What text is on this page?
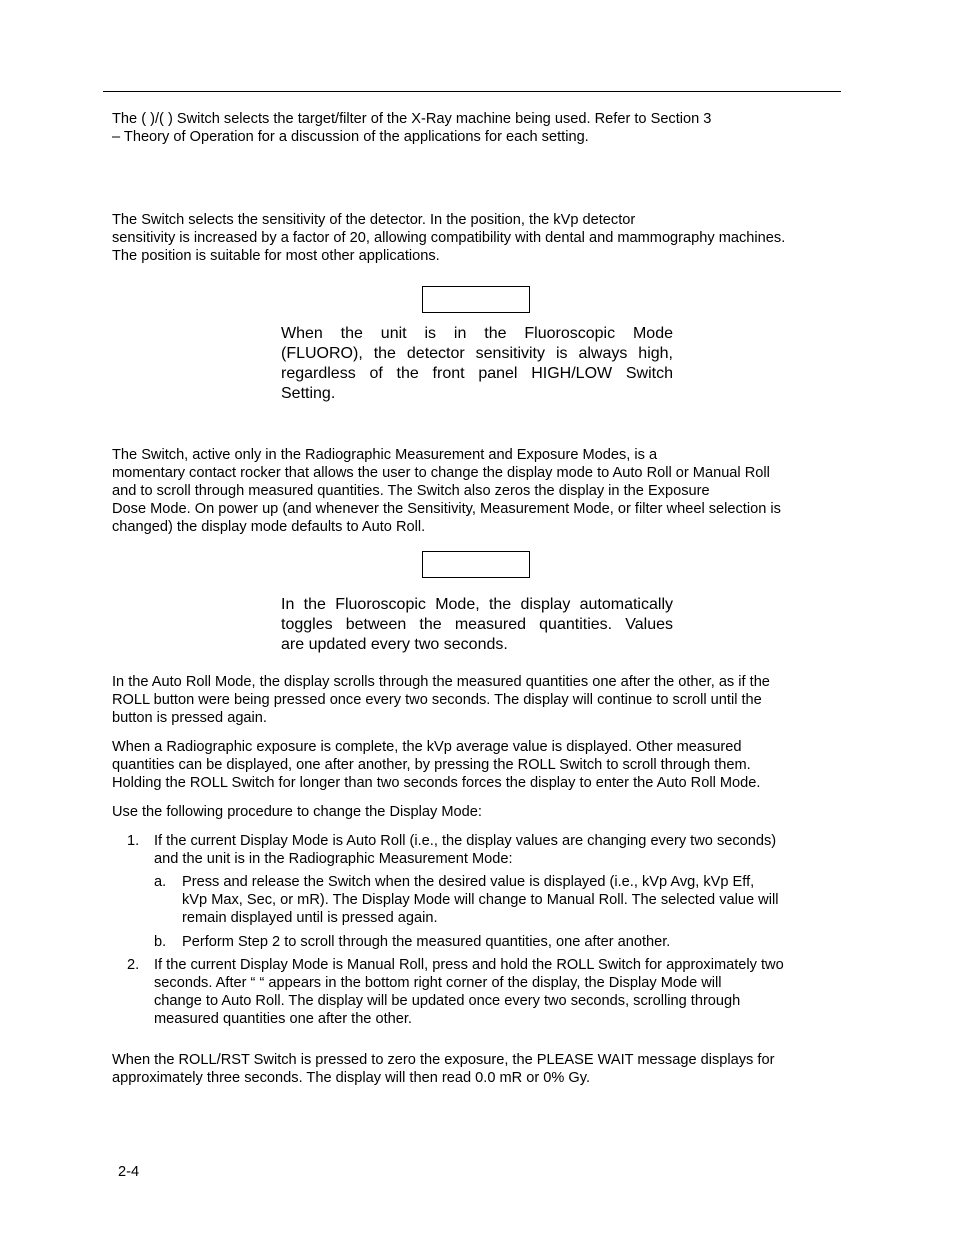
The ( )/( ) Switch selects the target/filter of the X-Ray machine being used. Refer to Section 3
– Theory of Operation for a discussion of the applications for each setting.

The Switch selects the sensitivity of the detector. In the position, the kVp detector
sensitivity is increased by a factor of 20, allowing compatibility with dental and mammography machines.
The position is suitable for most other applications.

When the unit is in the Fluoroscopic Mode
(FLUORO), the detector sensitivity is always high,
regardless of the front panel HIGH/LOW Switch
Setting.

The Switch, active only in the Radiographic Measurement and Exposure Modes, is a
momentary contact rocker that allows the user to change the display mode to Auto Roll or Manual Roll
and to scroll through measured quantities. The Switch also zeros the display in the Exposure
Dose Mode. On power up (and whenever the Sensitivity, Measurement Mode, or filter wheel selection is
changed) the display mode defaults to Auto Roll.

In the Fluoroscopic Mode, the display automatically
toggles between the measured quantities. Values
are updated every two seconds.

In the Auto Roll Mode, the display scrolls through the measured quantities one after the other, as if the
ROLL button were being pressed once every two seconds. The display will continue to scroll until the
button is pressed again.

When a Radiographic exposure is complete, the kVp average value is displayed. Other measured
quantities can be displayed, one after another, by pressing the ROLL Switch to scroll through them.
Holding the ROLL Switch for longer than two seconds forces the display to enter the Auto Roll Mode.

Use the following procedure to change the Display Mode:

1. If the current Display Mode is Auto Roll (i.e., the display values are changing every two seconds)
and the unit is in the Radiographic Measurement Mode:
a. Press and release the Switch when the desired value is displayed (i.e., kVp Avg, kVp Eff,
kVp Max, Sec, or mR). The Display Mode will change to Manual Roll. The selected value will
remain displayed until is pressed again.
b. Perform Step 2 to scroll through the measured quantities, one after another.
2. If the current Display Mode is Manual Roll, press and hold the ROLL Switch for approximately two
seconds. After “ “ appears in the bottom right corner of the display, the Display Mode will
change to Auto Roll. The display will be updated once every two seconds, scrolling through
measured quantities one after the other.

When the ROLL/RST Switch is pressed to zero the exposure, the PLEASE WAIT message displays for
approximately three seconds. The display will then read 0.0 mR or 0% Gy.

2-4
